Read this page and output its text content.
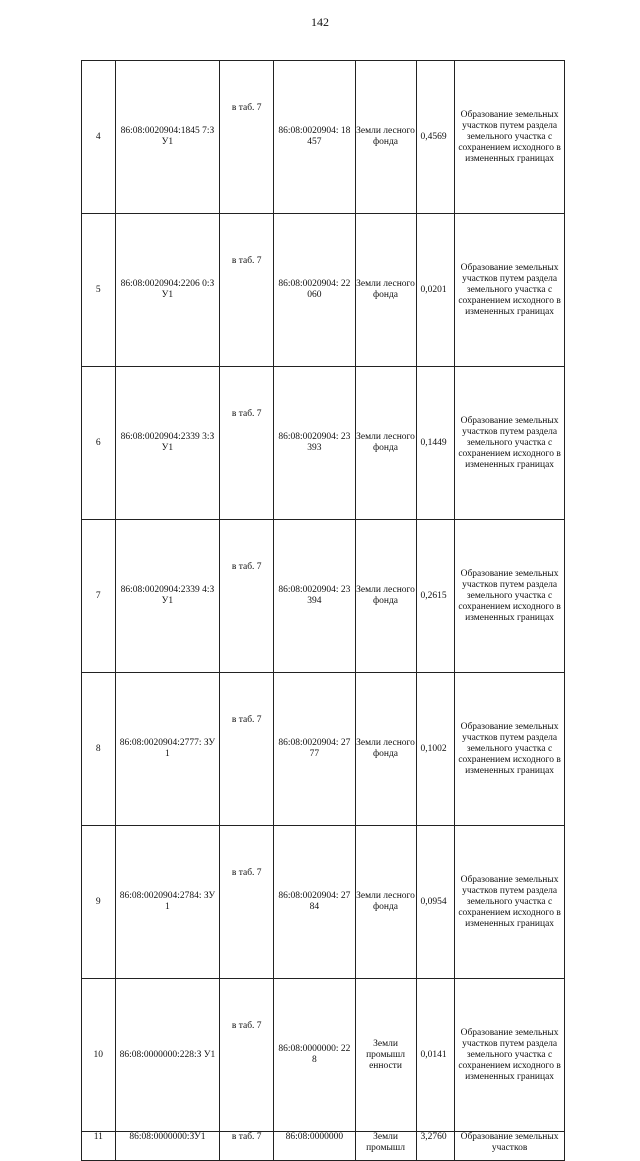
142
4	86:08:0020904:1845 7:ЗУ1	в таб. 7	86:08:0020904: 18457	Земли лесного фонда	0,4569	Образование земельных участков путем раздела земельного участка с сохранением исходного в измененных границах
5	86:08:0020904:2206 0:ЗУ1	в таб. 7	86:08:0020904: 22060	Земли лесного фонда	0,0201	Образование земельных участков путем раздела земельного участка с сохранением исходного в измененных границах
6	86:08:0020904:2339 3:ЗУ1	в таб. 7	86:08:0020904: 23393	Земли лесного фонда	0,1449	Образование земельных участков путем раздела земельного участка с сохранением исходного в измененных границах
7	86:08:0020904:2339 4:ЗУ1	в таб. 7	86:08:0020904: 23394	Земли лесного фонда	0,2615	Образование земельных участков путем раздела земельного участка с сохранением исходного в измененных границах
8	86:08:0020904:2777: ЗУ1	в таб. 7	86:08:0020904: 2777	Земли лесного фонда	0,1002	Образование земельных участков путем раздела земельного участка с сохранением исходного в измененных границах
9	86:08:0020904:2784: ЗУ1	в таб. 7	86:08:0020904: 2784	Земли лесного фонда	0,0954	Образование земельных участков путем раздела земельного участка с сохранением исходного в измененных границах
10	86:08:0000000:228:З У1	в таб. 7	86:08:0000000: 228	Земли промышл енности	0,0141	Образование земельных участков путем раздела земельного участка с сохранением исходного в измененных границах
11	86:08:0000000:ЗУ1	в таб. 7	86:08:0000000	Земли промышл	3,2760	Образование земельных участков
